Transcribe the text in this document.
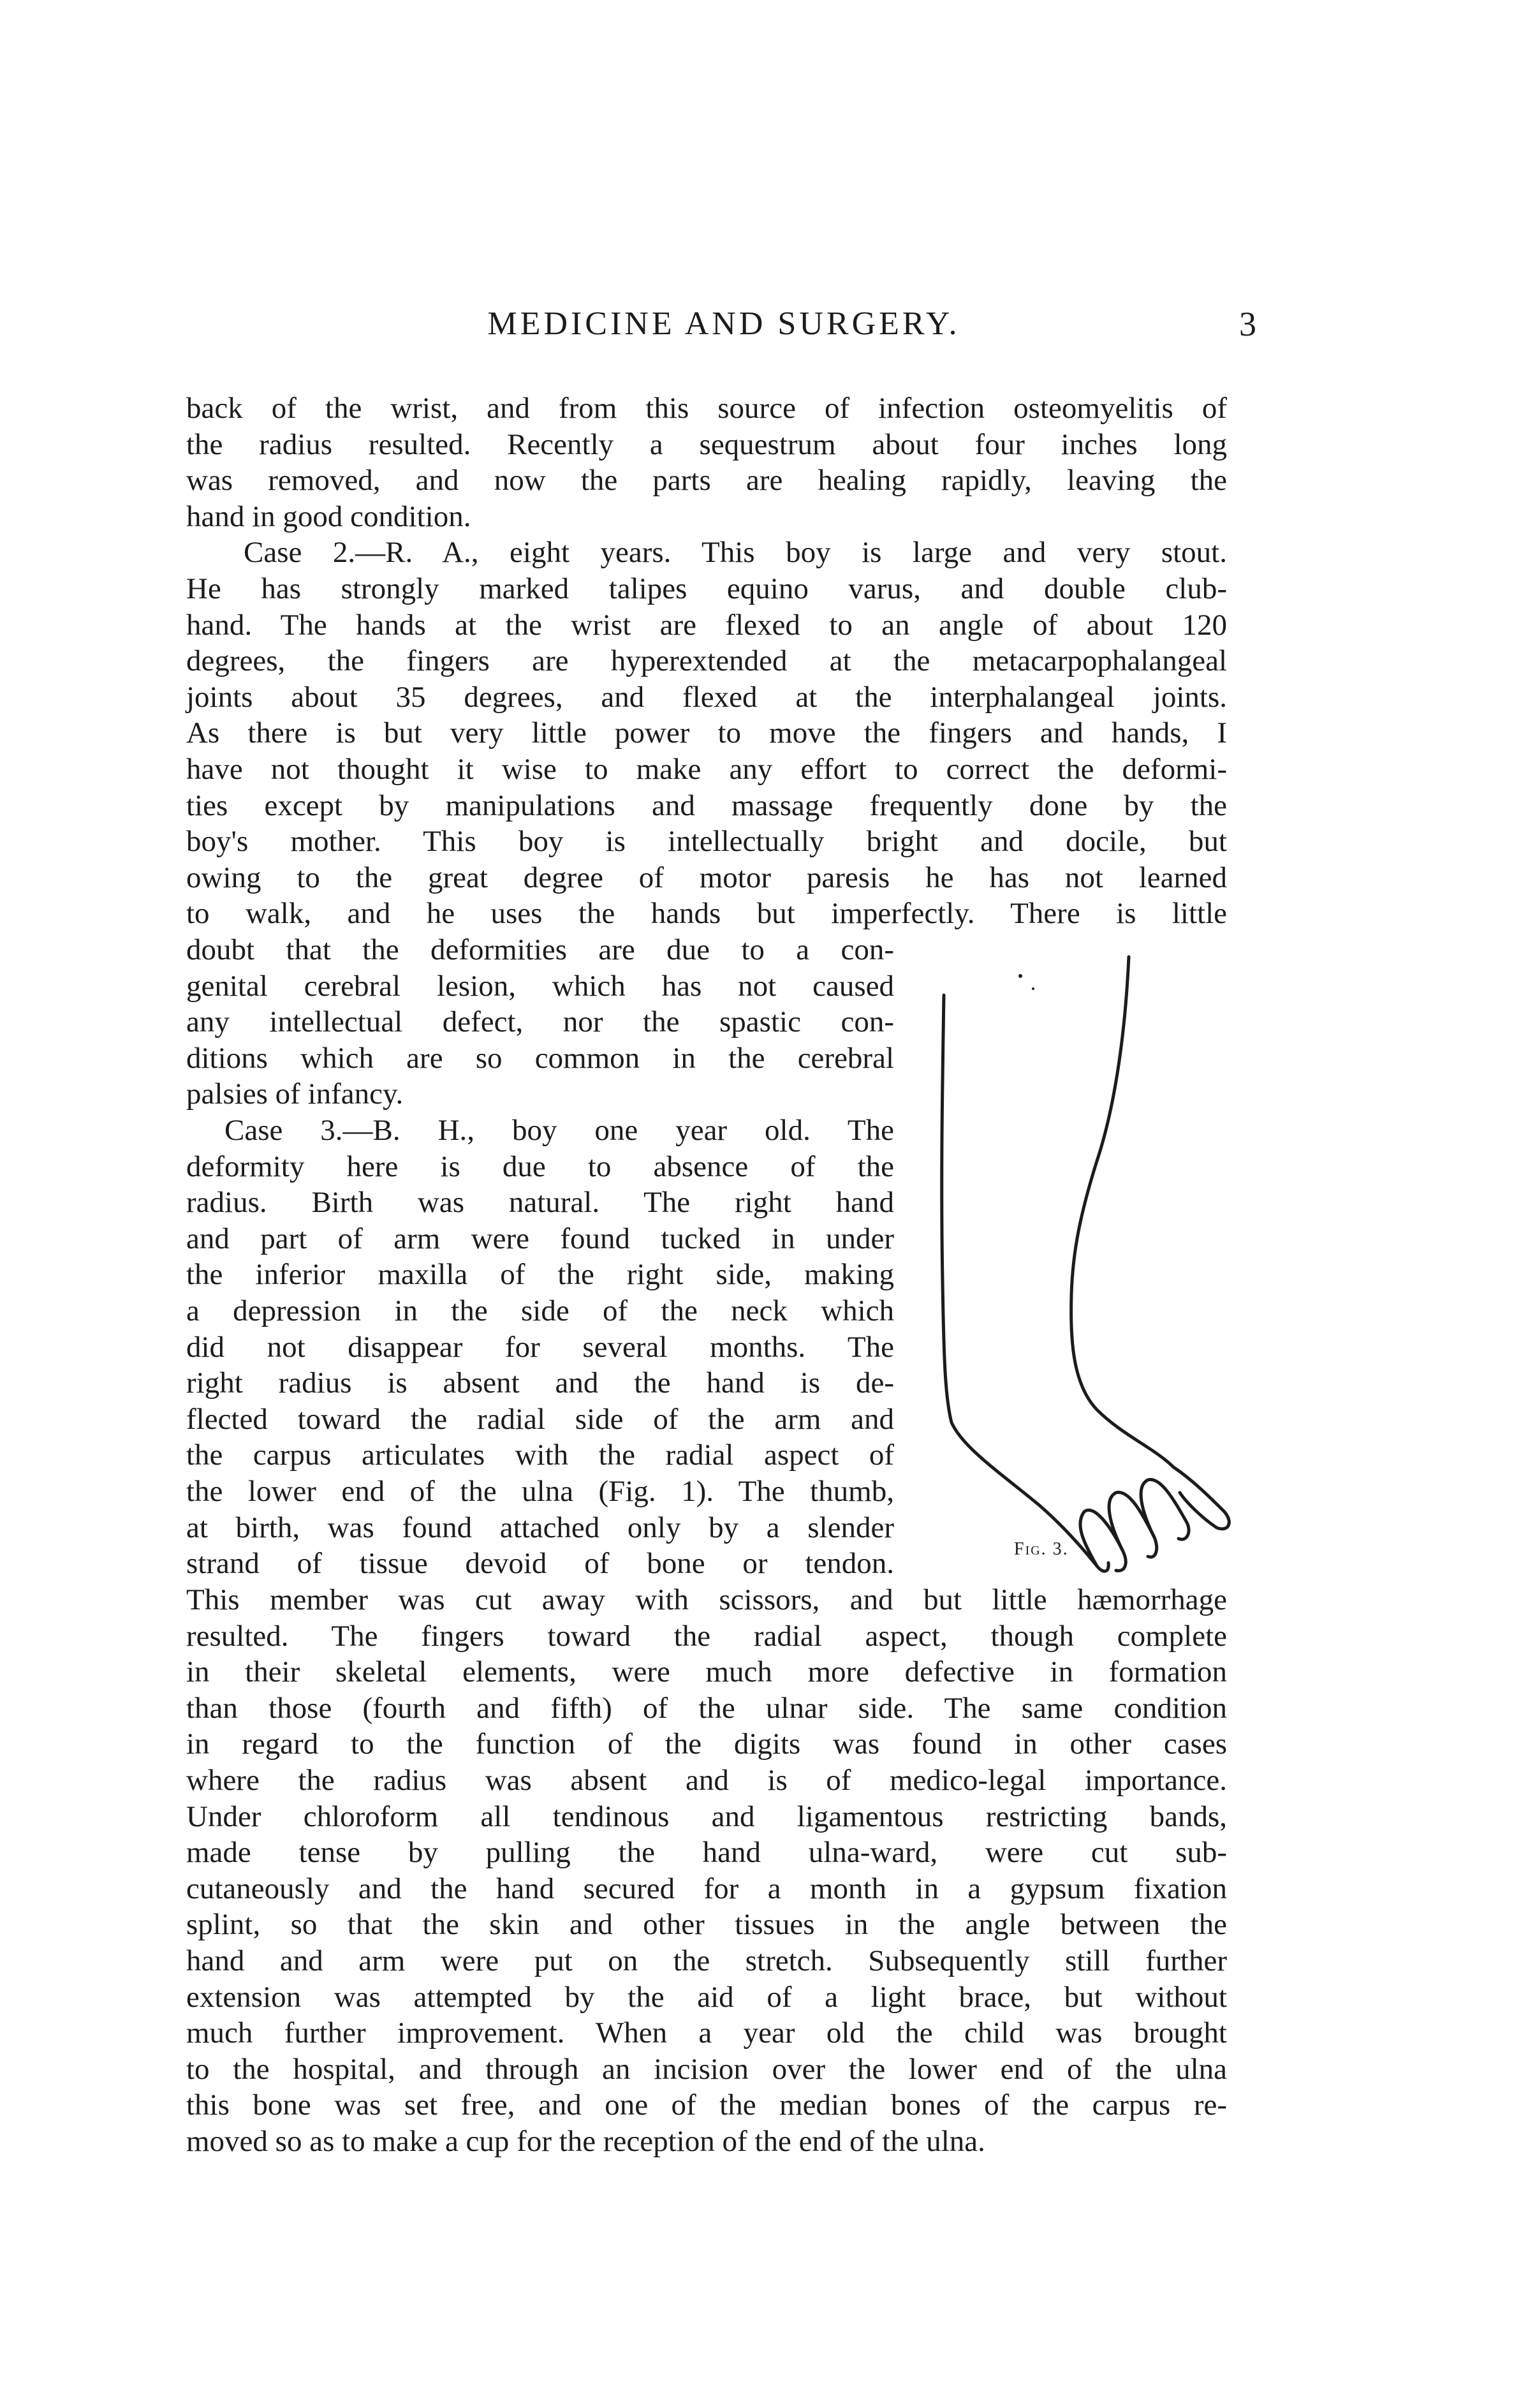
MEDICINE AND SURGERY.	3
back of the wrist, and from this source of infection osteomyelitis of
the radius resulted. Recently a sequestrum about four inches long
was removed, and now the parts are healing rapidly, leaving the
hand in good condition.
Case 2.—R. A., eight years. This boy is large and very stout.
He has strongly marked talipes equino varus, and double club-
hand. The hands at the wrist are flexed to an angle of about 120
degrees, the fingers are hyperextended at the metacarpophalangeal
joints about 35 degrees, and flexed at the interphalangeal joints.
As there is but very little power to move the fingers and hands, I
have not thought it wise to make any effort to correct the deformi-
ties except by manipulations and massage frequently done by the
boy's mother. This boy is intellectually bright and docile, but
owing to the great degree of motor paresis he has not learned
to walk, and he uses the hands but imperfectly. There is little
doubt that the deformities are due to a con-
genital cerebral lesion, which has not caused
any intellectual defect, nor the spastic con-
ditions which are so common in the cerebral
palsies of infancy.
Case 3.—B. H., boy one year old. The
deformity here is due to absence of the
radius. Birth was natural. The right hand
and part of arm were found tucked in under
the inferior maxilla of the right side, making
a depression in the side of the neck which
did not disappear for several months. The
right radius is absent and the hand is de-
flected toward the radial side of the arm and
the carpus articulates with the radial aspect of
the lower end of the ulna (Fig. 1). The thumb,
at birth, was found attached only by a slender
strand of tissue devoid of bone or tendon.
This member was cut away with scissors, and but little hæmorrhage
resulted. The fingers toward the radial aspect, though complete
in their skeletal elements, were much more defective in formation
than those (fourth and fifth) of the ulnar side. The same condition
in regard to the function of the digits was found in other cases
where the radius was absent and is of medico-legal importance.
Under chloroform all tendinous and ligamentous restricting bands,
made tense by pulling the hand ulna-ward, were cut sub-
cutaneously and the hand secured for a month in a gypsum fixation
splint, so that the skin and other tissues in the angle between the
hand and arm were put on the stretch. Subsequently still further
extension was attempted by the aid of a light brace, but without
much further improvement. When a year old the child was brought
to the hospital, and through an incision over the lower end of the ulna
this bone was set free, and one of the median bones of the carpus re-
moved so as to make a cup for the reception of the end of the ulna.
Fig. 3.
